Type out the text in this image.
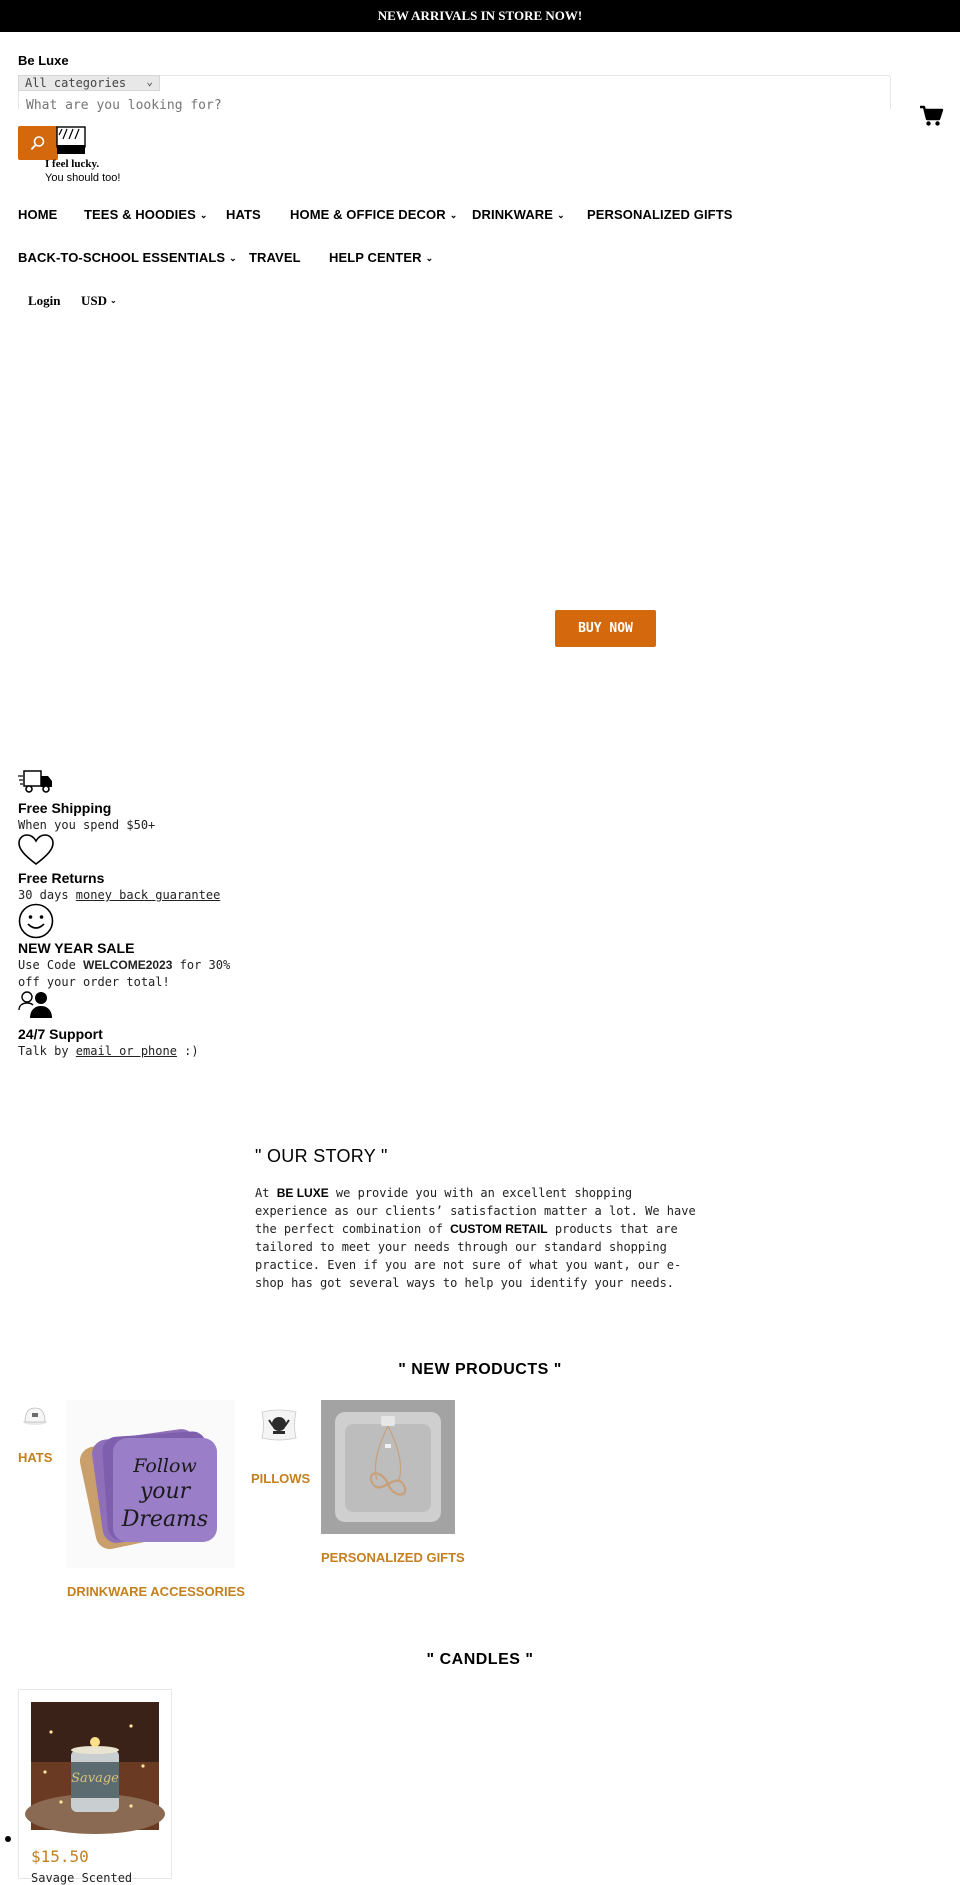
NEW ARRIVALS IN STORE NOW!
Be Luxe
All categories ⌄
What are you looking for?
I feel lucky.
You should too!
HOME TEES & HOODIES ⌄ HATS HOME & OFFICE DECOR ⌄ DRINKWARE ⌄ PERSONALIZED GIFTS
BACK-TO-SCHOOL ESSENTIALS ⌄ TRAVEL HELP CENTER ⌄
Login USD ⌄
BUY NOW
Free Shipping
When you spend $50+
Free Returns
30 days money back guarantee
NEW YEAR SALE
Use Code WELCOME2023 for 30%
off your order total!
24/7 Support
Talk by email or phone :)
" OUR STORY "
At BE LUXE we provide you with an excellent shopping experience as our clients’ satisfaction matter a lot. We have the perfect combination of CUSTOM RETAIL products that are tailored to meet your needs through our standard shopping practice. Even if you are not sure of what you want, our e-shop has got several ways to help you identify your needs.
" NEW PRODUCTS "
HATS	Follow
your
Dreams
DRINKWARE ACCESSORIES
PILLOWS
PERSONALIZED GIFTS
" CANDLES "
Savage
$15.50
Savage Scented
